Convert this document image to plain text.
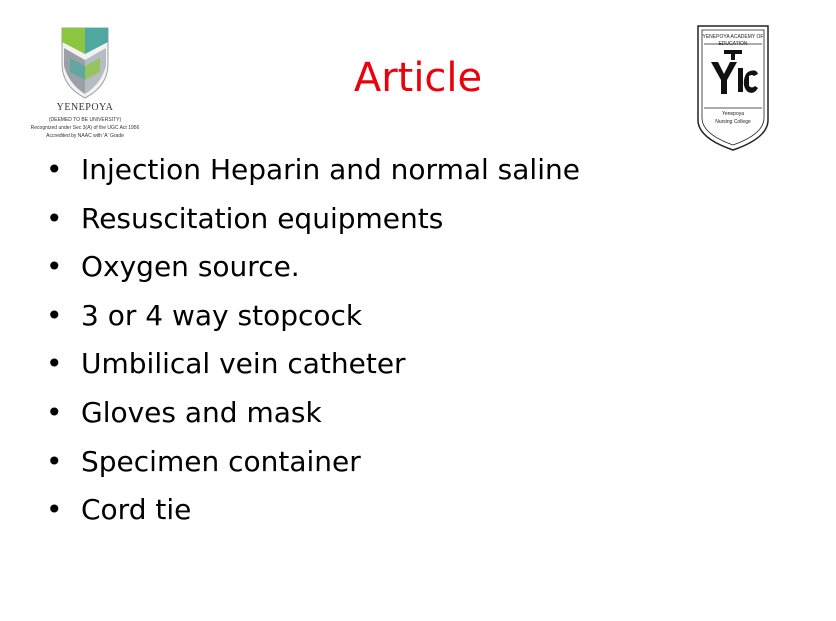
YENEPOYA
(DEEMED TO BE UNIVERSITY)
Recognized under Sec 3(A) of the UGC Act 1956
Accredited by NAAC with 'A' Grade
YENEPOYA ACADEMY OF EDUCATION
Yenepoya
Nursing College
Article
• Injection Heparin and normal saline
• Resuscitation equipments
• Oxygen source.
• 3 or 4 way stopcock
• Umbilical vein catheter
• Gloves and mask
• Specimen container
• Cord tie
